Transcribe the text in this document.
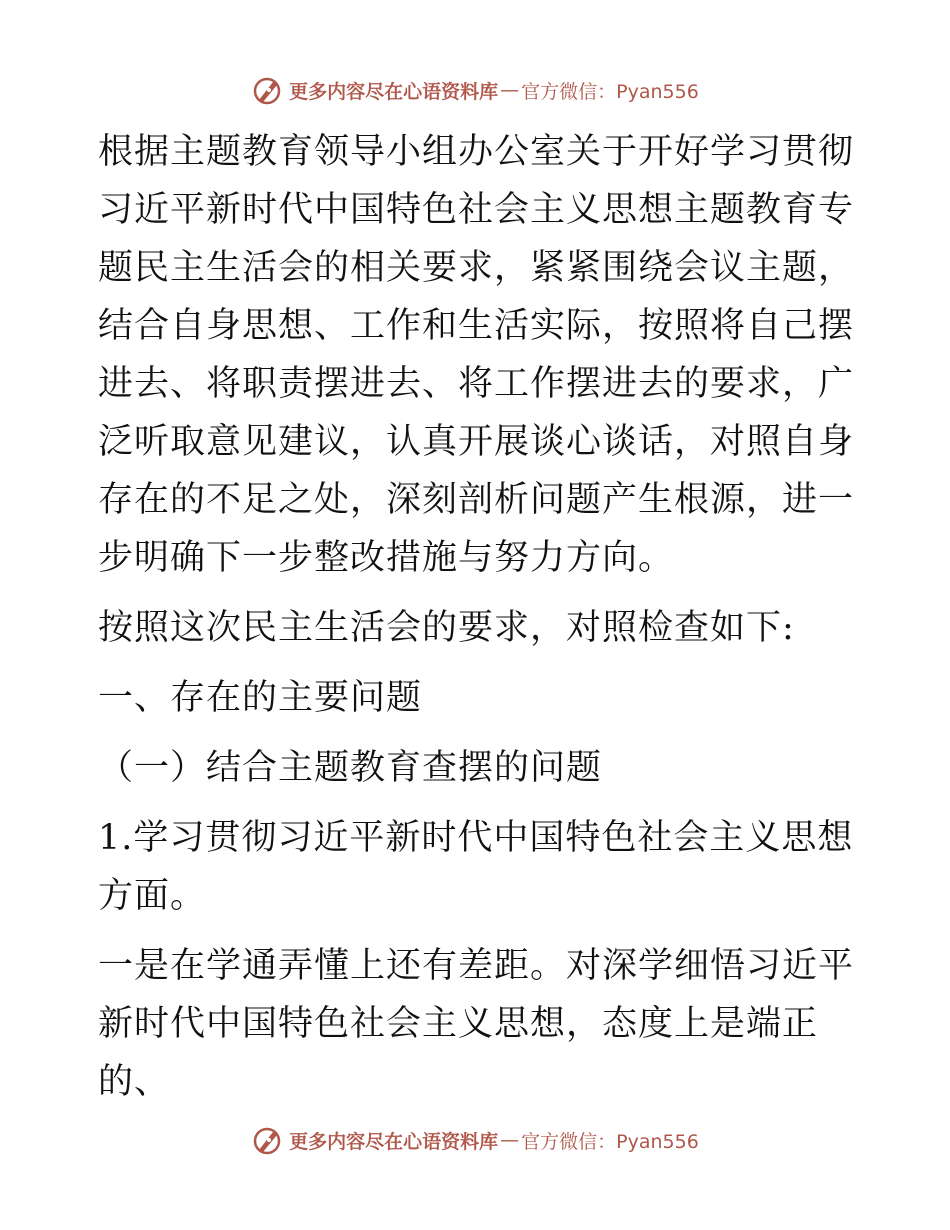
更多内容尽在心语资料库 — 官方微信：Pyan556

根据主题教育领导小组办公室关于开好学习贯彻习近平新时代中国特色社会主义思想主题教育专题民主生活会的相关要求，紧紧围绕会议主题，结合自身思想、工作和生活实际，按照将自己摆进去、将职责摆进去、将工作摆进去的要求，广泛听取意见建议，认真开展谈心谈话，对照自身存在的不足之处，深刻剖析问题产生根源，进一步明确下一步整改措施与努力方向。

按照这次民主生活会的要求，对照检查如下:

一、存在的主要问题

（一）结合主题教育查摆的问题

1.学习贯彻习近平新时代中国特色社会主义思想方面。

一是在学通弄懂上还有差距。对深学细悟习近平新时代中国特色社会主义思想，态度上是端正的、

更多内容尽在心语资料库 — 官方微信：Pyan556
